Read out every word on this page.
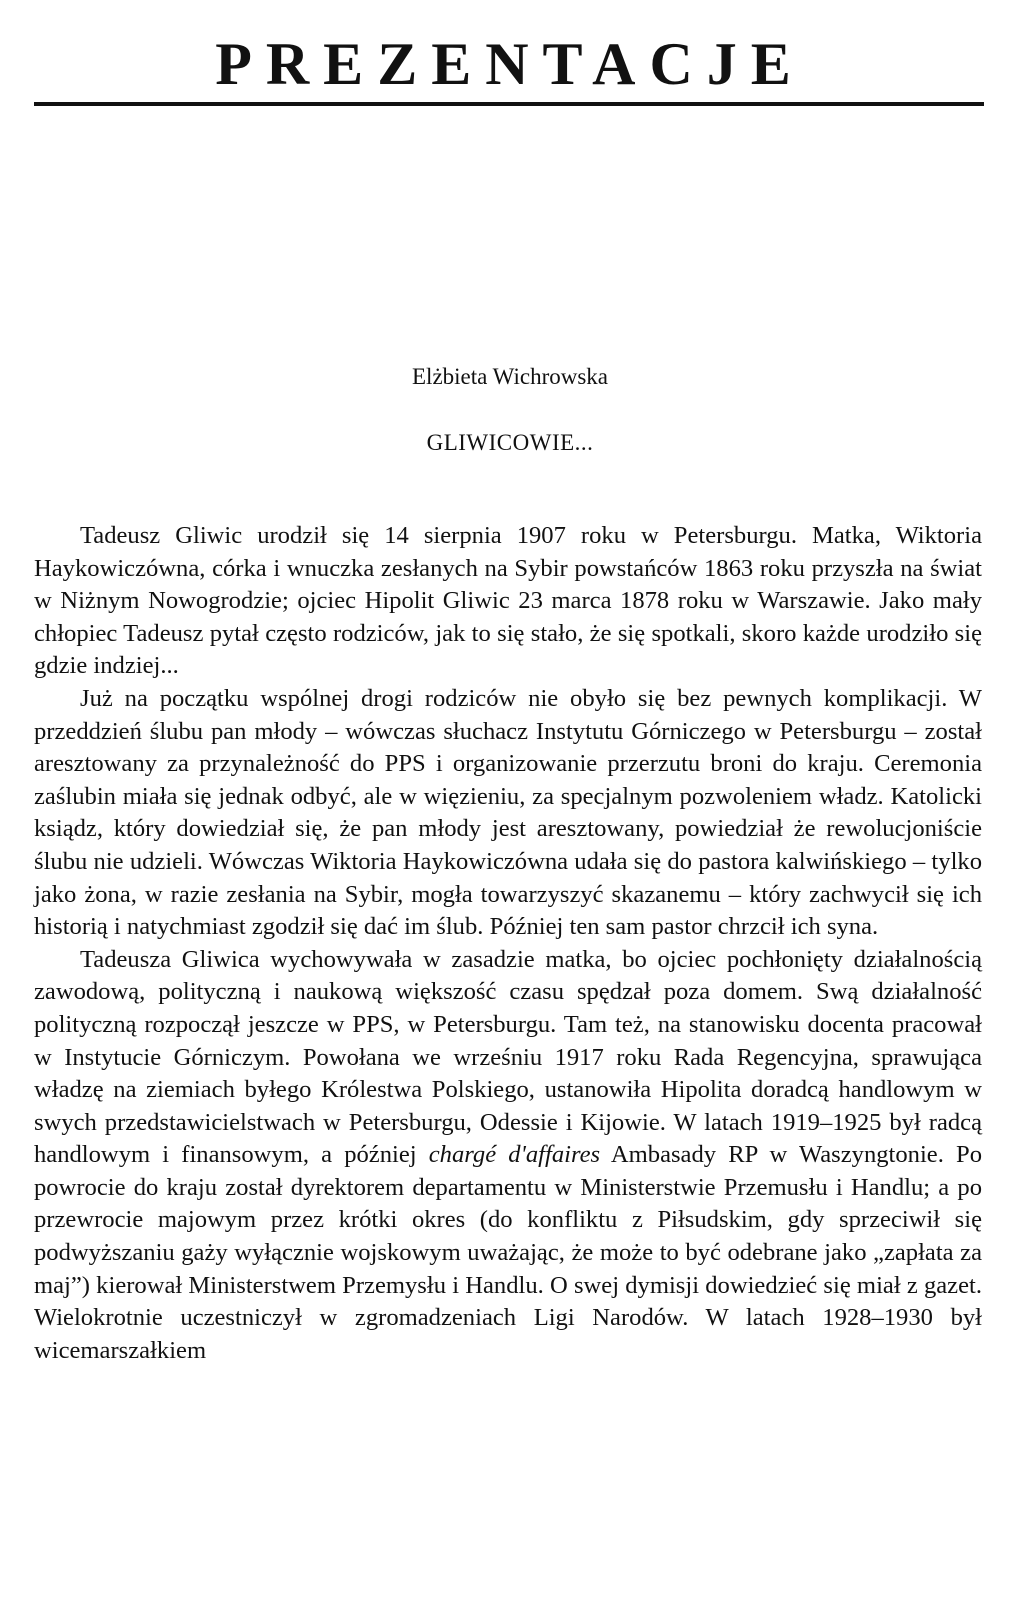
PREZENTACJE

Elżbieta Wichrowska

GLIWICOWIE...

Tadeusz Gliwic urodził się 14 sierpnia 1907 roku w Petersburgu. Matka, Wiktoria Haykowiczówna, córka i wnuczka zesłanych na Sybir powstańców 1863 roku przyszła na świat w Niżnym Nowogrodzie; ojciec Hipolit Gliwic 23 marca 1878 roku w Warszawie. Jako mały chłopiec Tadeusz pytał często rodziców, jak to się stało, że się spotkali, skoro każde urodziło się gdzie indziej...

Już na początku wspólnej drogi rodziców nie obyło się bez pewnych komplikacji. W przeddzień ślubu pan młody – wówczas słuchacz Instytutu Górniczego w Petersburgu – został aresztowany za przynależność do PPS i organizowanie przerzutu broni do kraju. Ceremonia zaślubin miała się jednak odbyć, ale w więzieniu, za specjalnym pozwoleniem władz. Katolicki ksiądz, który dowiedział się, że pan młody jest aresztowany, powiedział że rewolucjoniście ślubu nie udzieli. Wówczas Wiktoria Haykowiczówna udała się do pastora kalwińskiego – tylko jako żona, w razie zesłania na Sybir, mogła towarzyszyć skazanemu – który zachwycił się ich historią i natychmiast zgodził się dać im ślub. Później ten sam pastor chrzcił ich syna.

Tadeusza Gliwica wychowywała w zasadzie matka, bo ojciec pochłonięty działalnością zawodową, polityczną i naukową większość czasu spędzał poza domem. Swą działalność polityczną rozpoczął jeszcze w PPS, w Petersburgu. Tam też, na stanowisku docenta pracował w Instytucie Górniczym. Powołana we wrześniu 1917 roku Rada Regencyjna, sprawująca władzę na ziemiach byłego Królestwa Polskiego, ustanowiła Hipolita doradcą handlowym w swych przedstawicielstwach w Petersburgu, Odessie i Kijowie. W latach 1919–1925 był radcą handlowym i finansowym, a później chargé d'affaires Ambasady RP w Waszyngtonie. Po powrocie do kraju został dyrektorem departamentu w Ministerstwie Przemusłu i Handlu; a po przewrocie majowym przez krótki okres (do konfliktu z Piłsudskim, gdy sprzeciwił się podwyższaniu gaży wyłącznie wojskowym uważając, że może to być odebrane jako „zapłata za maj”) kierował Ministerstwem Przemysłu i Handlu. O swej dymisji dowiedzieć się miał z gazet. Wielokrotnie uczestniczył w zgromadzeniach Ligi Narodów. W latach 1928–1930 był wicemarszałkiem
